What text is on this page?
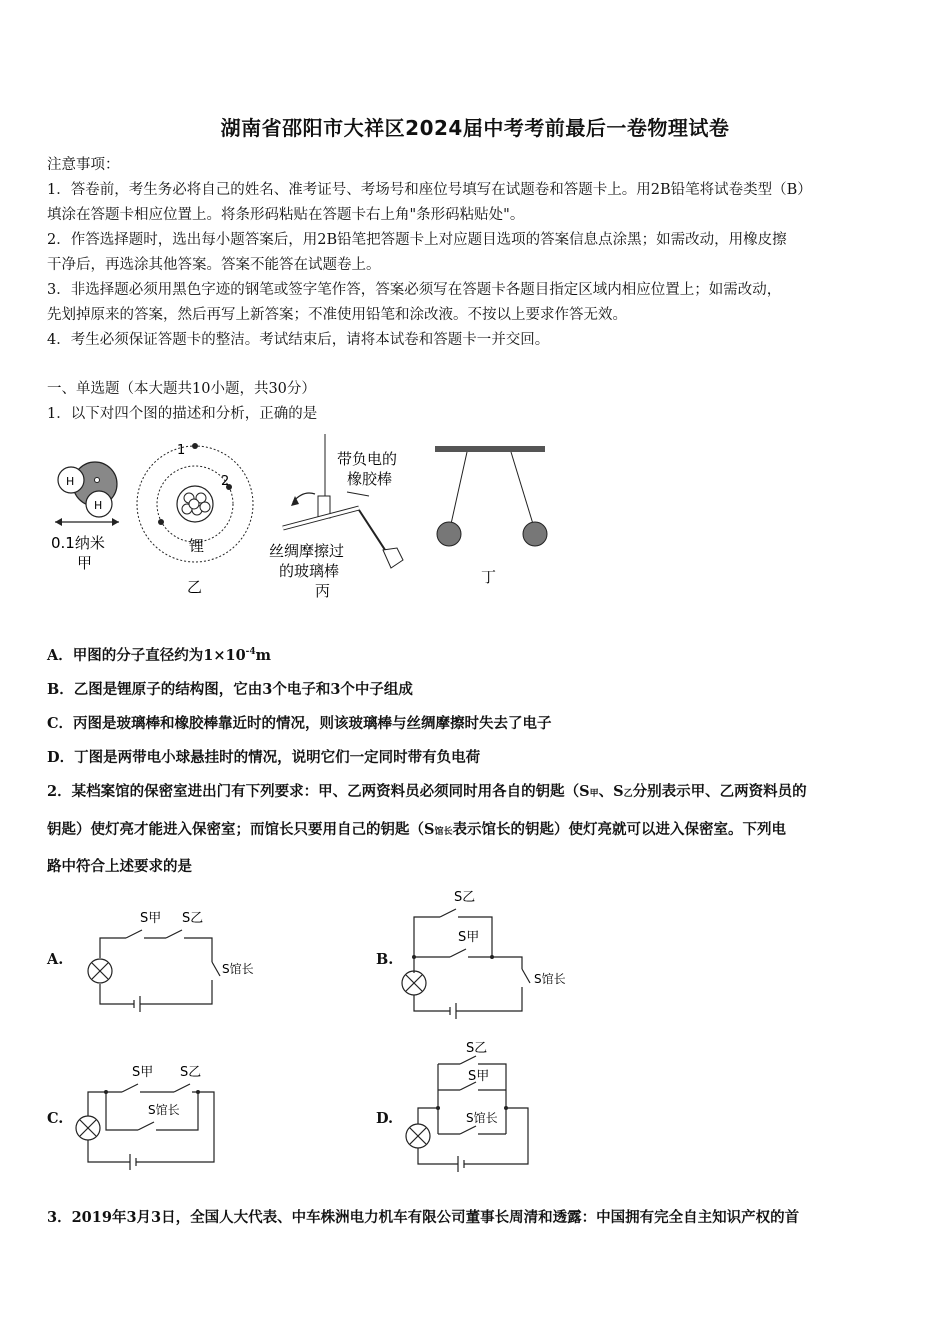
湖南省邵阳市大祥区2024届中考考前最后一卷物理试卷
注意事项：
1．答卷前，考生务必将自己的姓名、准考证号、考场号和座位号填写在试题卷和答题卡上。用2B铅笔将试卷类型（B）
填涂在答题卡相应位置上。将条形码粘贴在答题卡右上角"条形码粘贴处"。
2．作答选择题时，选出每小题答案后，用2B铅笔把答题卡上对应题目选项的答案信息点涂黑；如需改动，用橡皮擦
干净后，再选涂其他答案。答案不能答在试题卷上。
3．非选择题必须用黑色字迹的钢笔或签字笔作答，答案必须写在答题卡各题目指定区域内相应位置上；如需改动，
先划掉原来的答案，然后再写上新答案；不准使用铅笔和涂改液。不按以上要求作答无效。
4．考生必须保证答题卡的整洁。考试结束后，请将本试卷和答题卡一并交回。
一、单选题（本大题共10小题，共30分）
1．以下对四个图的描述和分析，正确的是
H
H
0.1纳米
甲
1
2
锂
乙
带负电的
橡胶棒
丝绸摩擦过
的玻璃棒
丙
丁
A．甲图的分子直径约为$1\times 10^{-4}m$
B．乙图是锂原子的结构图，它由3个电子和3个中子组成
C．丙图是玻璃棒和橡胶棒靠近时的情况，则该玻璃棒与丝绸摩擦时失去了电子
D．丁图是两带电小球悬挂时的情况，说明它们一定同时带有负电荷
2．某档案馆的保密室进出门有下列要求：甲、乙两资料员必须同时用各自的钥匙（S甲、S乙分别表示甲、乙两资料员的
钥匙）使灯亮才能进入保密室；而馆长只要用自己的钥匙（S馆长表示馆长的钥匙）使灯亮就可以进入保密室。下列电
路中符合上述要求的是
A.
S甲 S乙
S馆长
B.
S乙
S甲
S馆长
C.
S甲 S乙
S馆长	D.
S乙
S甲
S馆长
3．2019年3月3日，全国人大代表、中车株洲电力机车有限公司董事长周清和透露：中国拥有完全自主知识产权的首
